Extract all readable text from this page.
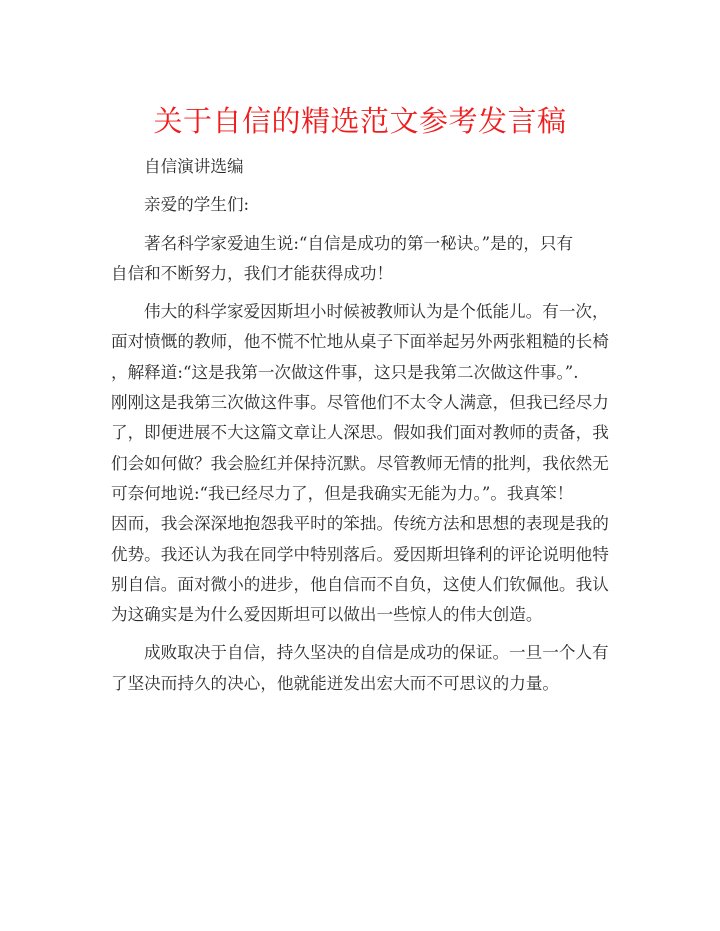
关于自信的精选范文参考发言稿
自信演讲选编
亲爱的学生们:
著名科学家爱迪生说:“自信是成功的第一秘诀。”是的，只有
自信和不断努力，我们才能获得成功！
伟大的科学家爱因斯坦小时候被教师认为是个低能儿。有一次，
面对愤慨的教师，他不慌不忙地从桌子下面举起另外两张粗糙的长椅
，解释道:“这是我第一次做这件事，这只是我第二次做这件事。”.
刚刚这是我第三次做这件事。尽管他们不太令人满意，但我已经尽力
了，即便进展不大这篇文章让人深思。假如我们面对教师的责备，我
们会如何做？我会脸红并保持沉默。尽管教师无情的批判，我依然无
可奈何地说:“我已经尽力了，但是我确实无能为力。”。我真笨！
因而，我会深深地抱怨我平时的笨拙。传统方法和思想的表现是我的
优势。我还认为我在同学中特别落后。爱因斯坦锋利的评论说明他特
别自信。面对微小的进步，他自信而不自负，这使人们钦佩他。我认
为这确实是为什么爱因斯坦可以做出一些惊人的伟大创造。
成败取决于自信，持久坚决的自信是成功的保证。一旦一个人有
了坚决而持久的决心，他就能迸发出宏大而不可思议的力量。
